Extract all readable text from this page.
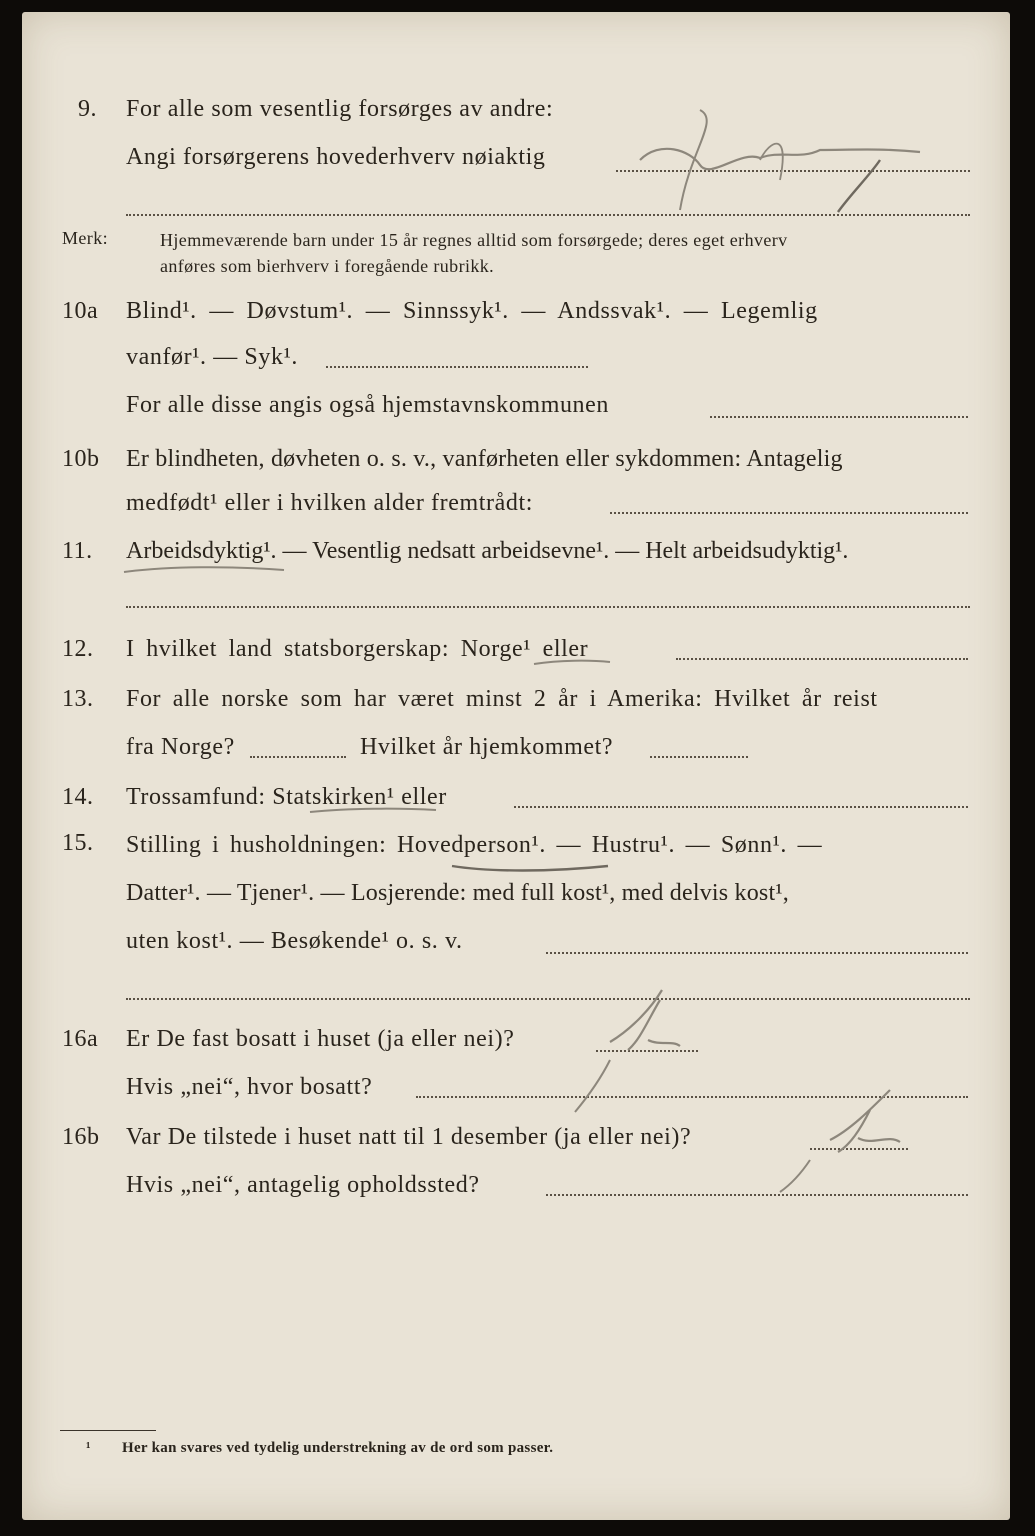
9. For alle som vesentlig forsørges av andre:
Angi forsørgerens hovederhverv nøiaktig
Merk:	Hjemmeværende barn under 15 år regnes alltid som forsørgede; deres eget erhverv
anføres som bierhverv i foregående rubrikk.
10a Blind¹. — Døvstum¹. — Sinnssyk¹. — Andssvak¹. — Legemlig
vanfør¹. — Syk¹.
For alle disse angis også hjemstavnskommunen
10b Er blindheten, døvheten o. s. v., vanførheten eller sykdommen: Antagelig
medfødt¹ eller i hvilken alder fremtrådt:
11. Arbeidsdyktig¹. — Vesentlig nedsatt arbeidsevne¹. — Helt arbeidsudyktig¹.
12. I hvilket land statsborgerskap: Norge¹ eller
13. For alle norske som har været minst 2 år i Amerika: Hvilket år reist
fra Norge?	Hvilket år hjemkommet?
14. Trossamfund: Statskirken¹ eller
15. Stilling i husholdningen: Hovedperson¹. — Hustru¹. — Sønn¹. —
Datter¹. — Tjener¹. — Losjerende: med full kost¹, med delvis kost¹,
uten kost¹. — Besøkende¹ o. s. v.
16a Er De fast bosatt i huset (ja eller nei)?
Hvis „nei“, hvor bosatt?
16b Var De tilstede i huset natt til 1 desember (ja eller nei)?
Hvis „nei“, antagelig opholdssted?
¹ Her kan svares ved tydelig understrekning av de ord som passer.
